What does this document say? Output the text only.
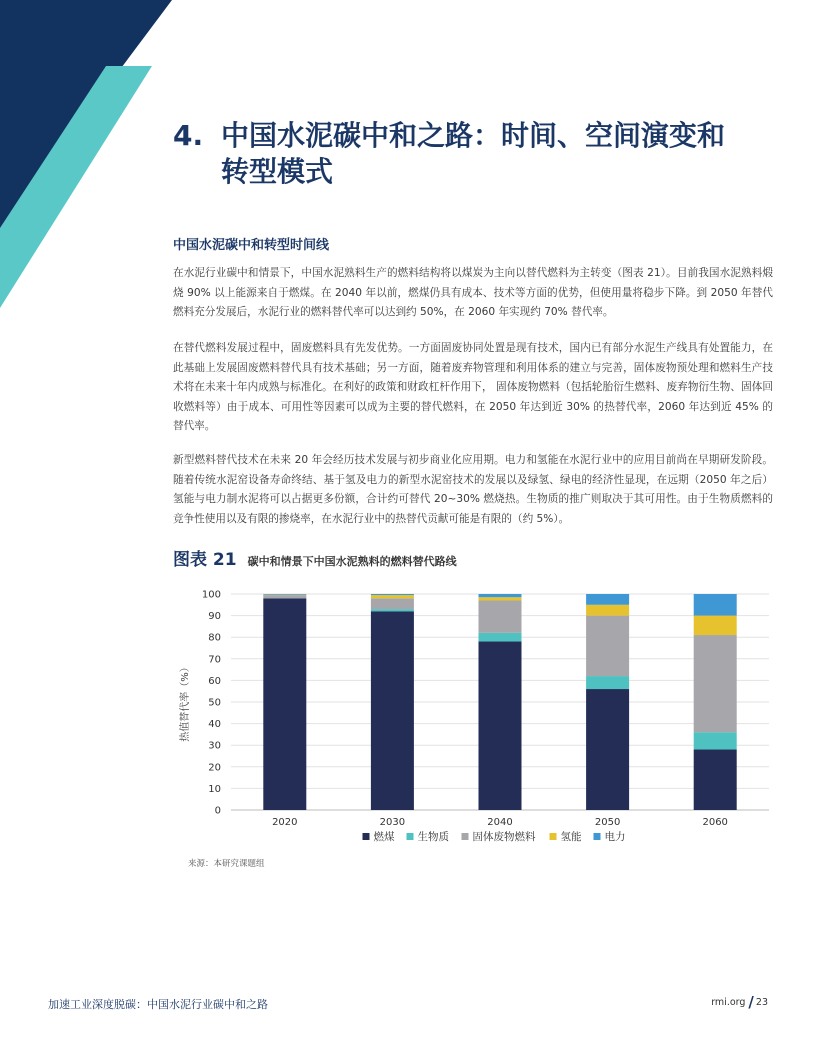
4. 中国水泥碳中和之路：时间、空间演变和
转型模式
中国水泥碳中和转型时间线

在水泥行业碳中和情景下，中国水泥熟料生产的燃料结构将以煤炭为主向以替代燃料为主转变（图表 21）。目前我国水泥熟料煅烧 90% 以上能源来自于燃煤。在 2040 年以前，燃煤仍具有成本、技术等方面的优势，但使用量将稳步下降。到 2050 年替代燃料充分发展后，水泥行业的燃料替代率可以达到约 50%，在 2060 年实现约 70% 替代率。

在替代燃料发展过程中，固废燃料具有先发优势。一方面固废协同处置是现有技术，国内已有部分水泥生产线具有处置能力，在此基础上发展固废燃料替代具有技术基础；另一方面，随着废弃物管理和利用体系的建立与完善，固体废物预处理和燃料生产技术将在未来十年内成熟与标准化。在利好的政策和财政杠杆作用下， 固体废物燃料（包括轮胎衍生燃料、废弃物衍生物、固体回收燃料等）由于成本、可用性等因素可以成为主要的替代燃料，在 2050 年达到近 30% 的热替代率，2060 年达到近 45% 的替代率。

新型燃料替代技术在未来 20 年会经历技术发展与初步商业化应用期。电力和氢能在水泥行业中的应用目前尚在早期研发阶段。随着传统水泥窑设备寿命终结、基于氢及电力的新型水泥窑技术的发展以及绿氢、绿电的经济性显现，在远期（2050 年之后）氢能与电力制水泥将可以占据更多份额，合计约可替代 20~30% 燃烧热。生物质的推广则取决于其可用性。由于生物质燃料的竞争性使用以及有限的掺烧率，在水泥行业中的热替代贡献可能是有限的（约 5%）。

图表 21 碳中和情景下中国水泥熟料的燃料替代路线
0
10
20
30
40
50
60
70
80
90
100
热值替代率（%）
2020	2030	2040	2050	2060
燃煤 生物质 固体废物燃料 氢能 电力
来源：本研究课题组
加速工业深度脱碳：中国水泥行业碳中和之路	rmi.org / 23
